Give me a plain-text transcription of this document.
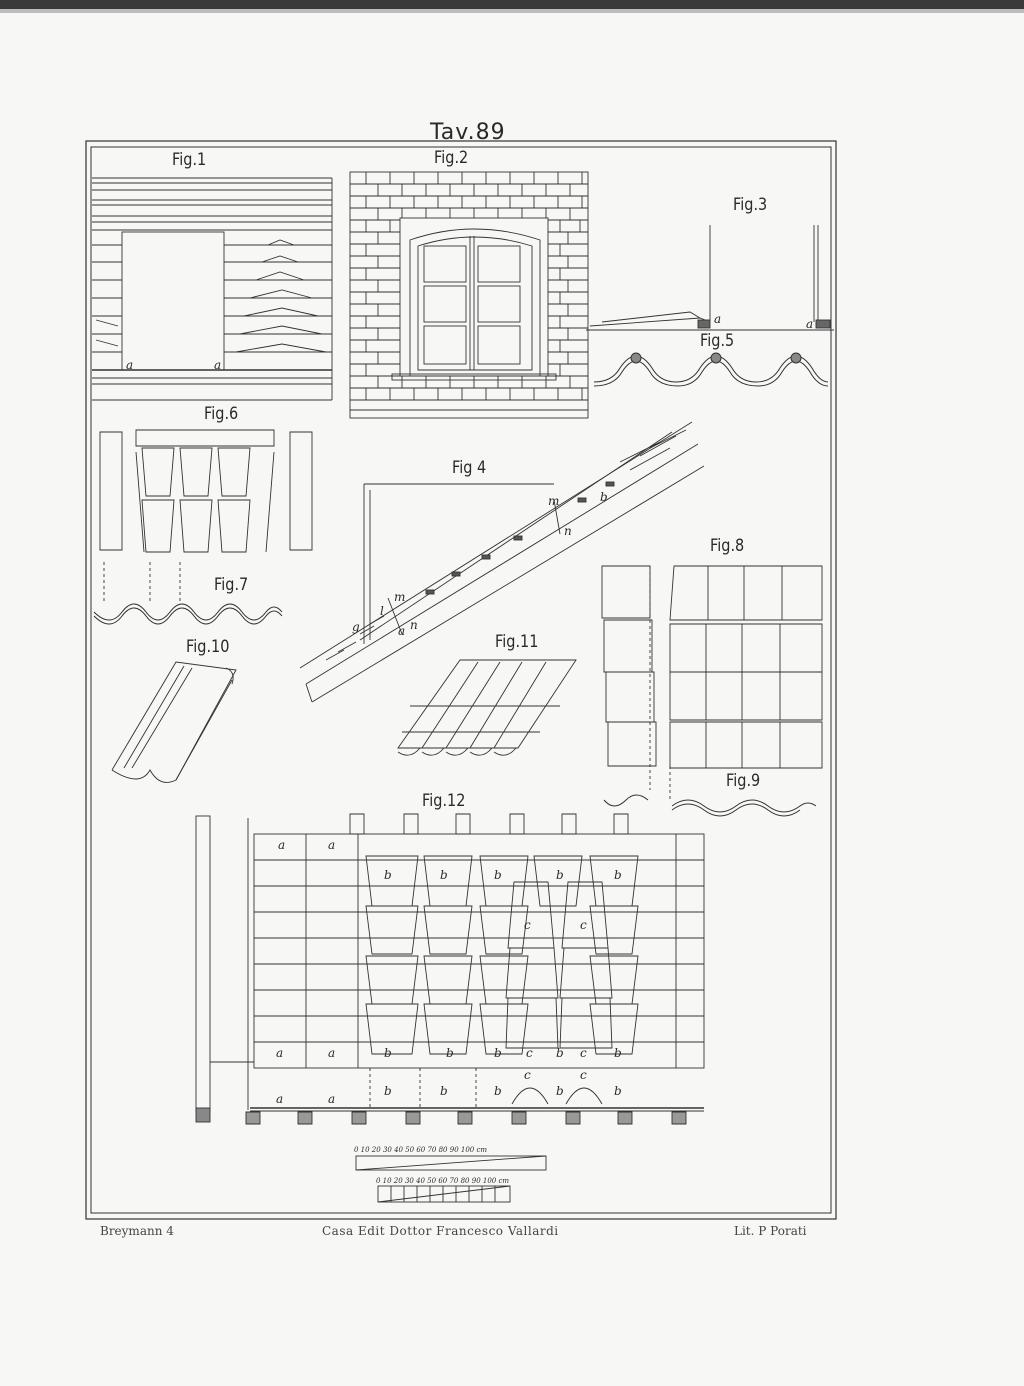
Tav.89
Fig.1	Fig.2
Fig.3
Fig 4
Fig.5
Fig.6
Fig.7
Fig.8
Fig.9
Fig.10	Fig.11
Fig.12
a	a
a	a
m	b
n
m
l
g	a n
a	a
b	b	b	b	b
c	c
a	a	b	b	b c b c b
a	a
b	b	b
c	c
b	b
0 10 20 30 40 50 60 70 80 90 100 cm
0 10 20 30 40 50 60 70 80 90 100 cm
Breymann 4	Casa Edit Dottor Francesco Vallardi	Lit. P Porati
